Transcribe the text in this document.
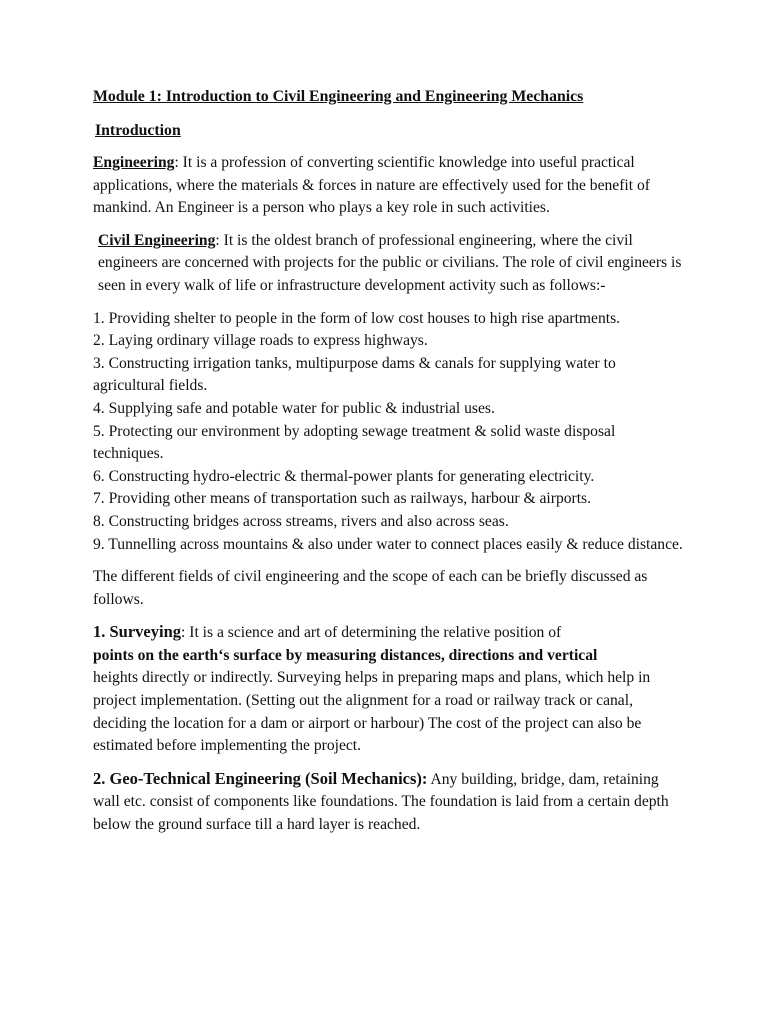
Module 1: Introduction to Civil Engineering and Engineering Mechanics
Introduction

Engineering: It is a profession of converting scientific knowledge into useful practical applications, where the materials & forces in nature are effectively used for the benefit of mankind. An Engineer is a person who plays a key role in such activities.

Civil Engineering: It is the oldest branch of professional engineering, where the civil engineers are concerned with projects for the public or civilians. The role of civil engineers is seen in every walk of life or infrastructure development activity such as follows:-

1. Providing shelter to people in the form of low cost houses to high rise apartments.
2. Laying ordinary village roads to express highways.
3. Constructing irrigation tanks, multipurpose dams & canals for supplying water to agricultural fields.
4. Supplying safe and potable water for public & industrial uses.
5. Protecting our environment by adopting sewage treatment & solid waste disposal techniques.
6. Constructing hydro-electric & thermal-power plants for generating electricity.
7. Providing other means of transportation such as railways, harbour & airports.
8. Constructing bridges across streams, rivers and also across seas.
9. Tunnelling across mountains & also under water to connect places easily & reduce distance.

The different fields of civil engineering and the scope of each can be briefly discussed as follows.

1. Surveying: It is a science and art of determining the relative position of
points on the earth‘s surface by measuring distances, directions and vertical
heights directly or indirectly. Surveying helps in preparing maps and plans, which help in project implementation. (Setting out the alignment for a road or railway track or canal, deciding the location for a dam or airport or harbour) The cost of the project can also be estimated before implementing the project.

2. Geo-Technical Engineering (Soil Mechanics): Any building, bridge, dam, retaining wall etc. consist of components like foundations. The foundation is laid from a certain depth below the ground surface till a hard layer is reached.
